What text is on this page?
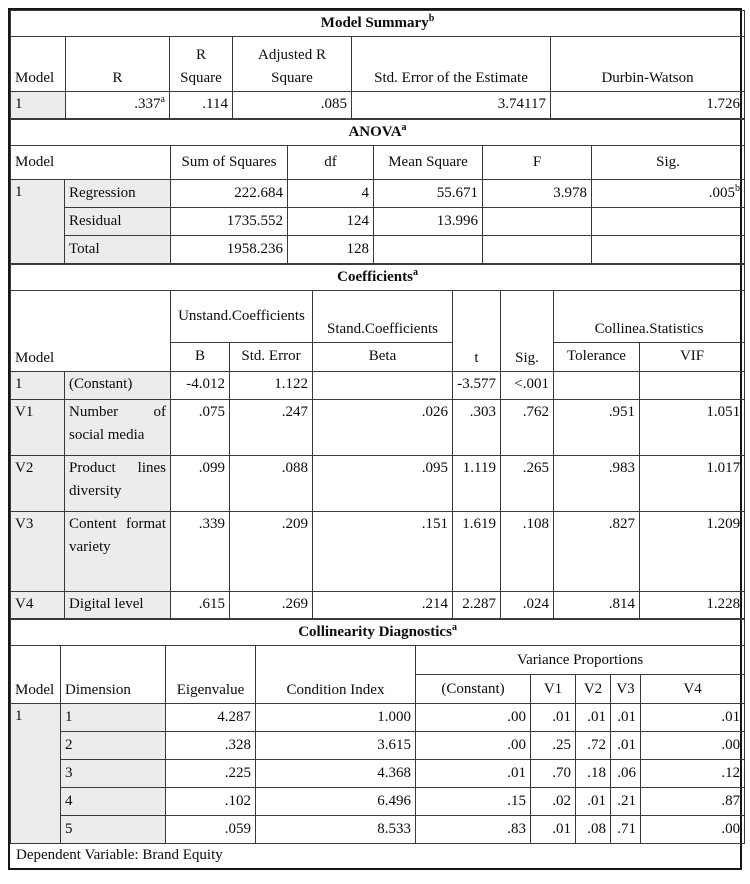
Model Summary$^b$
Model	R	R Square	Adjusted R Square	Std. Error of the Estimate	Durbin-Watson
1	.337$^a$	.114	.085	3.74117	1.726
ANOVA$^a$
Model		Sum of Squares	df	Mean Square	F	Sig.
1	Regression	222.684	4	55.671	3.978	.005$^b$
	Residual	1735.552	124	13.996		
	Total	1958.236	128			
Coefficients$^a$
Model		Unstand.Coefficients		Stand.Coefficients	t	Sig.	Collinea.Statistics	
		B	Std. Error	Beta			Tolerance	VIF
1	(Constant)	-4.012	1.122		-3.577	<.001		
V1	Number of social media	.075	.247	.026	.303	.762	.951	1.051
V2	Product lines diversity	.099	.088	.095	1.119	.265	.983	1.017
V3	Content format variety	.339	.209	.151	1.619	.108	.827	1.209
V4	Digital level	.615	.269	.214	2.287	.024	.814	1.228
Collinearity Diagnostics$^a$
Model	Dimension	Eigenvalue	Condition Index	Variance Proportions				
				(Constant)	V1	V2	V3	V4
1	1	4.287	1.000	.00	.01	.01	.01	.01
	2	.328	3.615	.00	.25	.72	.01	.00
	3	.225	4.368	.01	.70	.18	.06	.12
	4	.102	6.496	.15	.02	.01	.21	.87
	5	.059	8.533	.83	.01	.08	.71	.00
Dependent Variable: Brand Equity
